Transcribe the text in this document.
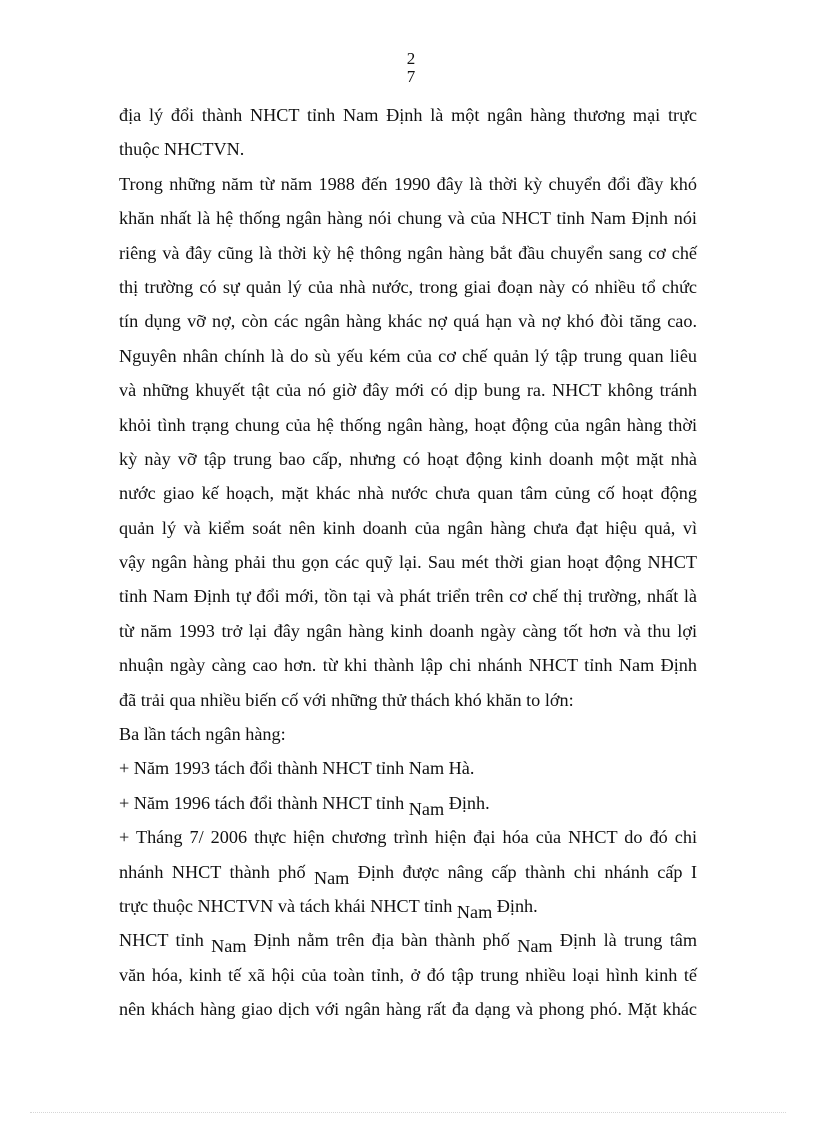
2
7
địa lý đổi thành NHCT tỉnh Nam Định là một ngân hàng thương mại trực
thuộc NHCTVN.
Trong những năm từ năm 1988 đến 1990 đây là thời kỳ chuyển đổi đầy khó
khăn nhất là hệ thống ngân hàng nói chung và của NHCT tỉnh Nam Định nói
riêng và đây cũng là thời kỳ hệ thông ngân hàng bắt đầu chuyển sang cơ chế
thị trường có sự quản lý của nhà nước, trong giai đoạn này có nhiều tổ chức
tín dụng vỡ nợ, còn các ngân hàng khác nợ quá hạn và nợ khó đòi tăng cao.
Nguyên nhân chính là do sù yếu kém của cơ chế quản lý tập trung quan liêu
và những khuyết tật của nó giờ đây mới có dịp bung ra. NHCT không tránh
khỏi tình trạng chung của hệ thống ngân hàng, hoạt động của ngân hàng thời
kỳ này vỡ tập trung bao cấp, nhưng có hoạt động kinh doanh một mặt nhà
nước giao kế hoạch, mặt khác nhà nước chưa quan tâm củng cố hoạt động
quản lý và kiểm soát nên kinh doanh của ngân hàng chưa đạt hiệu quả, vì
vậy ngân hàng phải thu gọn các quỹ lại. Sau mét thời gian hoạt động NHCT
tỉnh Nam Định tự đổi mới, tồn tại và phát triển trên cơ chế thị trường, nhất là
từ năm 1993 trở lại đây ngân hàng kinh doanh ngày càng tốt hơn và thu lợi
nhuận ngày càng cao hơn. từ khi thành lập chi nhánh NHCT tỉnh Nam Định
đã trải qua nhiều biến cố với những thử thách khó khăn to lớn:
Ba lần tách ngân hàng:
+ Năm 1993 tách đổi thành NHCT tỉnh Nam Hà.
+ Năm 1996 tách đổi thành NHCT tỉnh Nam Định.
+ Tháng 7/ 2006 thực hiện chương trình hiện đại hóa của NHCT do đó chi
nhánh NHCT thành phố Nam Định được nâng cấp thành chi nhánh cấp I
trực thuộc NHCTVN và tách khái NHCT tỉnh Nam Định.
NHCT tỉnh Nam Định nằm trên địa bàn thành phố Nam Định là trung tâm
văn hóa, kinh tế xã hội của toàn tỉnh, ở đó tập trung nhiều loại hình kinh tế
nên khách hàng giao dịch với ngân hàng rất đa dạng và phong phó. Mặt khác
